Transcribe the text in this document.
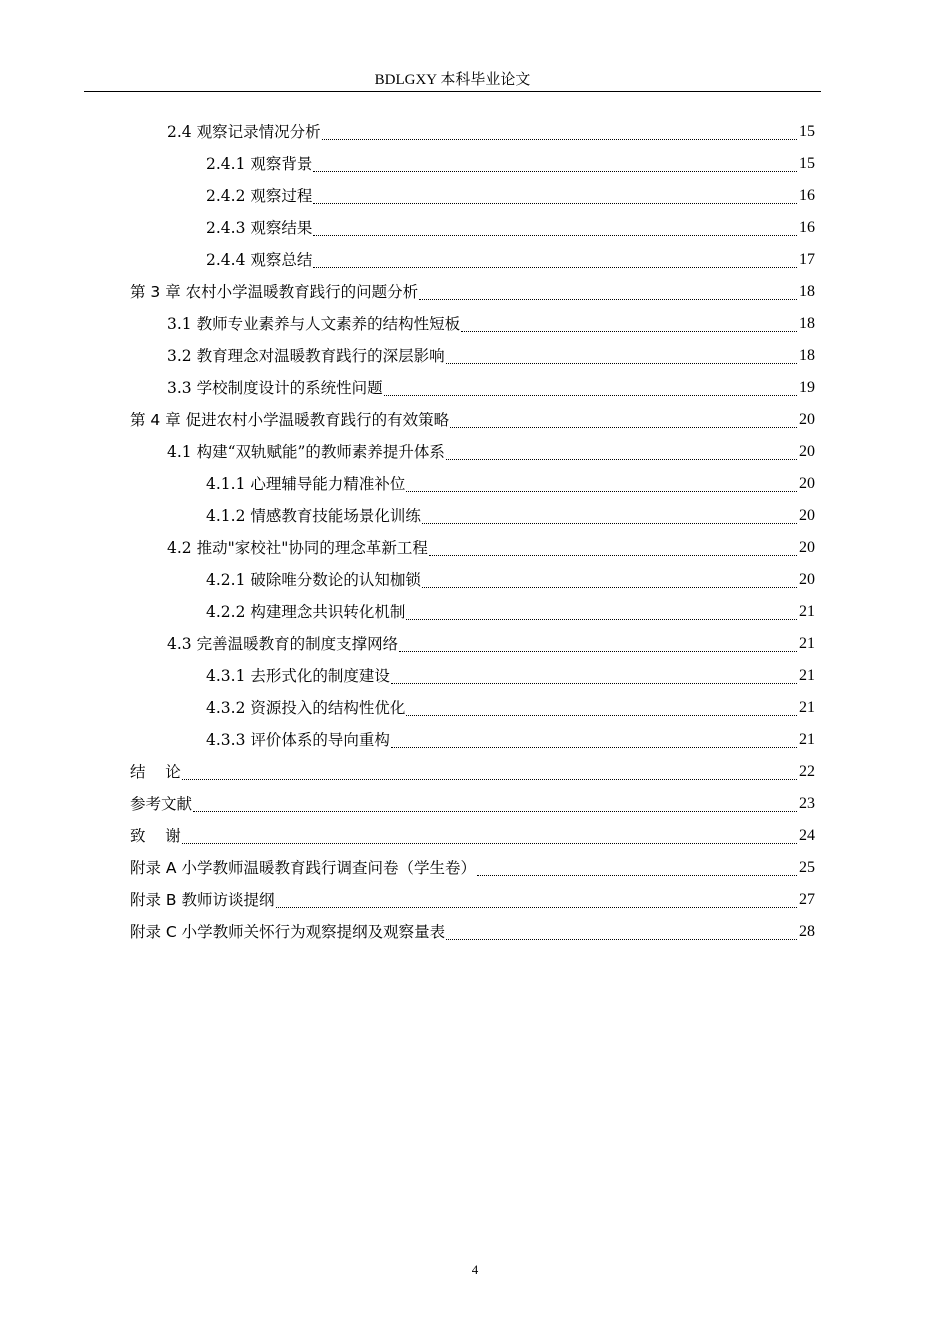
BDLGXY 本科毕业论文
2.4 观察记录情况分析	15
2.4.1 观察背景	15
2.4.2 观察过程	16
2.4.3 观察结果	16
2.4.4 观察总结	17
第 3 章 农村小学温暖教育践行的问题分析	18
3.1 教师专业素养与人文素养的结构性短板	18
3.2 教育理念对温暖教育践行的深层影响	18
3.3 学校制度设计的系统性问题	19
第 4 章 促进农村小学温暖教育践行的有效策略	20
4.1 构建“双轨赋能”的教师素养提升体系	20
4.1.1 心理辅导能力精准补位	20
4.1.2 情感教育技能场景化训练	20
4.2 推动"家校社"协同的理念革新工程	20
4.2.1 破除唯分数论的认知枷锁	20
4.2.2 构建理念共识转化机制	21
4.3 完善温暖教育的制度支撑网络	21
4.3.1 去形式化的制度建设	21
4.3.2 资源投入的结构性优化	21
4.3.3 评价体系的导向重构	21
结    论	22
参考文献	23
致    谢	24
附录 A 小学教师温暖教育践行调查问卷（学生卷）	25
附录 B 教师访谈提纲	27
附录 C 小学教师关怀行为观察提纲及观察量表	28
4
